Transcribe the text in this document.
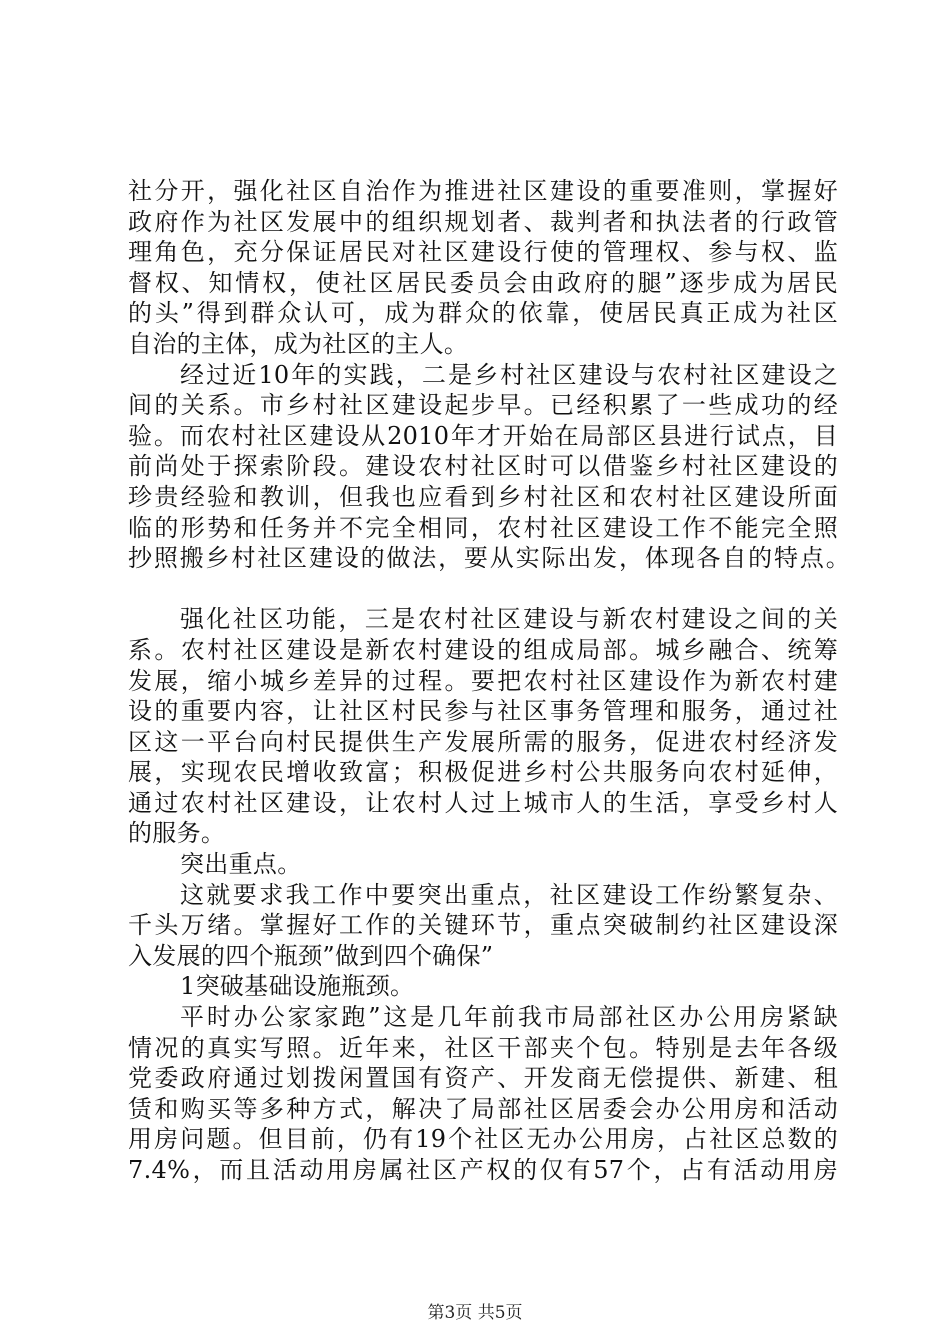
社分开，强化社区自治作为推进社区建设的重要准则，掌握好
政府作为社区发展中的组织规划者、裁判者和执法者的行政管
理角色，充分保证居民对社区建设行使的管理权、参与权、监
督权、知情权，使社区居民委员会由政府的腿”逐步成为居民
的头”得到群众认可，成为群众的依靠，使居民真正成为社区
自治的主体，成为社区的主人。
经过近10年的实践，二是乡村社区建设与农村社区建设之
间的关系。市乡村社区建设起步早。已经积累了一些成功的经
验。而农村社区建设从2010年才开始在局部区县进行试点，目
前尚处于探索阶段。建设农村社区时可以借鉴乡村社区建设的
珍贵经验和教训，但我也应看到乡村社区和农村社区建设所面
临的形势和任务并不完全相同，农村社区建设工作不能完全照
抄照搬乡村社区建设的做法，要从实际出发，体现各自的特点。
强化社区功能，三是农村社区建设与新农村建设之间的关
系。农村社区建设是新农村建设的组成局部。城乡融合、统筹
发展，缩小城乡差异的过程。要把农村社区建设作为新农村建
设的重要内容，让社区村民参与社区事务管理和服务，通过社
区这一平台向村民提供生产发展所需的服务，促进农村经济发
展，实现农民增收致富；积极促进乡村公共服务向农村延伸，
通过农村社区建设，让农村人过上城市人的生活，享受乡村人
的服务。
突出重点。
这就要求我工作中要突出重点，社区建设工作纷繁复杂、
千头万绪。掌握好工作的关键环节，重点突破制约社区建设深
入发展的四个瓶颈”做到四个确保”
1突破基础设施瓶颈。
平时办公家家跑”这是几年前我市局部社区办公用房紧缺
情况的真实写照。近年来，社区干部夹个包。特别是去年各级
党委政府通过划拨闲置国有资产、开发商无偿提供、新建、租
赁和购买等多种方式，解决了局部社区居委会办公用房和活动
用房问题。但目前，仍有19个社区无办公用房，占社区总数的
7.4%，而且活动用房属社区产权的仅有57个，占有活动用房
第3页 共5页
